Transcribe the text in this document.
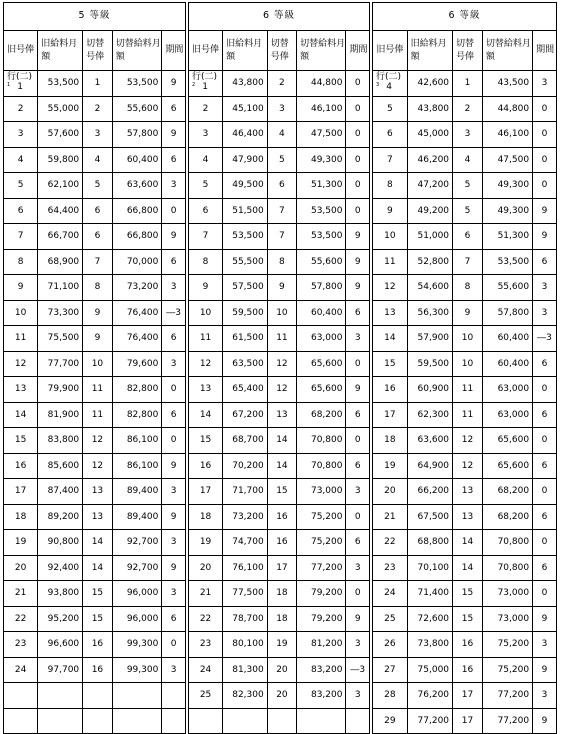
5 等級				
旧号俸	旧給料月　額	切替号俸	切替給料月額	期間

行(二)
$^1$ 1	53,500	1	53,500	9
2	55,000	2	55,600	6
3	57,600	3	57,800	9
4	59,800	4	60,400	6
5	62,100	5	63,600	3
6	64,400	6	66,800	0
7	66,700	6	66,800	9
8	68,900	7	70,000	6
9	71,100	8	73,200	3
10	73,300	9	76,400	―3
11	75,500	9	76,400	6
12	77,700	10	79,600	3
13	79,900	11	82,800	0
14	81,900	11	82,800	6
15	83,800	12	86,100	0
16	85,600	12	86,100	9
17	87,400	13	89,400	3
18	89,200	13	89,400	9
19	90,800	14	92,700	3
20	92,400	14	92,700	9
21	93,800	15	96,000	3
22	95,200	15	96,000	6
23	96,600	16	99,300	0
24	97,700	16	99,300	3

6 等級				
旧号俸	旧給料月　額	切替号俸	切替給料月額	期間

行(二)
$^2$ 1	43,800	2	44,800	0
2	45,100	3	46,100	0
3	46,400	4	47,500	0
4	47,900	5	49,300	0
5	49,500	6	51,300	0
6	51,500	7	53,500	0
7	53,500	7	53,500	9
8	55,500	8	55,600	9
9	57,500	9	57,800	9
10	59,500	10	60,400	6
11	61,500	11	63,000	3
12	63,500	12	65,600	0
13	65,400	12	65,600	9
14	67,200	13	68,200	6
15	68,700	14	70,800	0
16	70,200	14	70,800	6
17	71,700	15	73,000	3
18	73,200	16	75,200	0
19	74,700	16	75,200	6
20	76,100	17	77,200	3
21	77,500	18	79,200	0
22	78,700	18	79,200	9
23	80,100	19	81,200	3
24	81,300	20	83,200	―3
25	82,300	20	83,200	3

6 等級				
旧号俸	旧給料月　額	切替号俸	切替給料月額	期間

行(二)
$^3$ 4	42,600	1	43,500	3
5	43,800	2	44,800	0
6	45,000	3	46,100	0
7	46,200	4	47,500	0
8	47,200	5	49,300	0
9	49,200	5	49,300	9
10	51,000	6	51,300	9
11	52,800	7	53,500	6
12	54,600	8	55,600	3
13	56,300	9	57,800	3
14	57,900	10	60,400	―3
15	59,500	10	60,400	6
16	60,900	11	63,000	0
17	62,300	11	63,000	6
18	63,600	12	65,600	0
19	64,900	12	65,600	6
20	66,200	13	68,200	0
21	67,500	13	68,200	6
22	68,800	14	70,800	0
23	70,100	14	70,800	6
24	71,400	15	73,000	0
25	72,600	15	73,000	9
26	73,800	16	75,200	3
27	75,000	16	75,200	9
28	76,200	17	77,200	3
29	77,200	17	77,200	9
